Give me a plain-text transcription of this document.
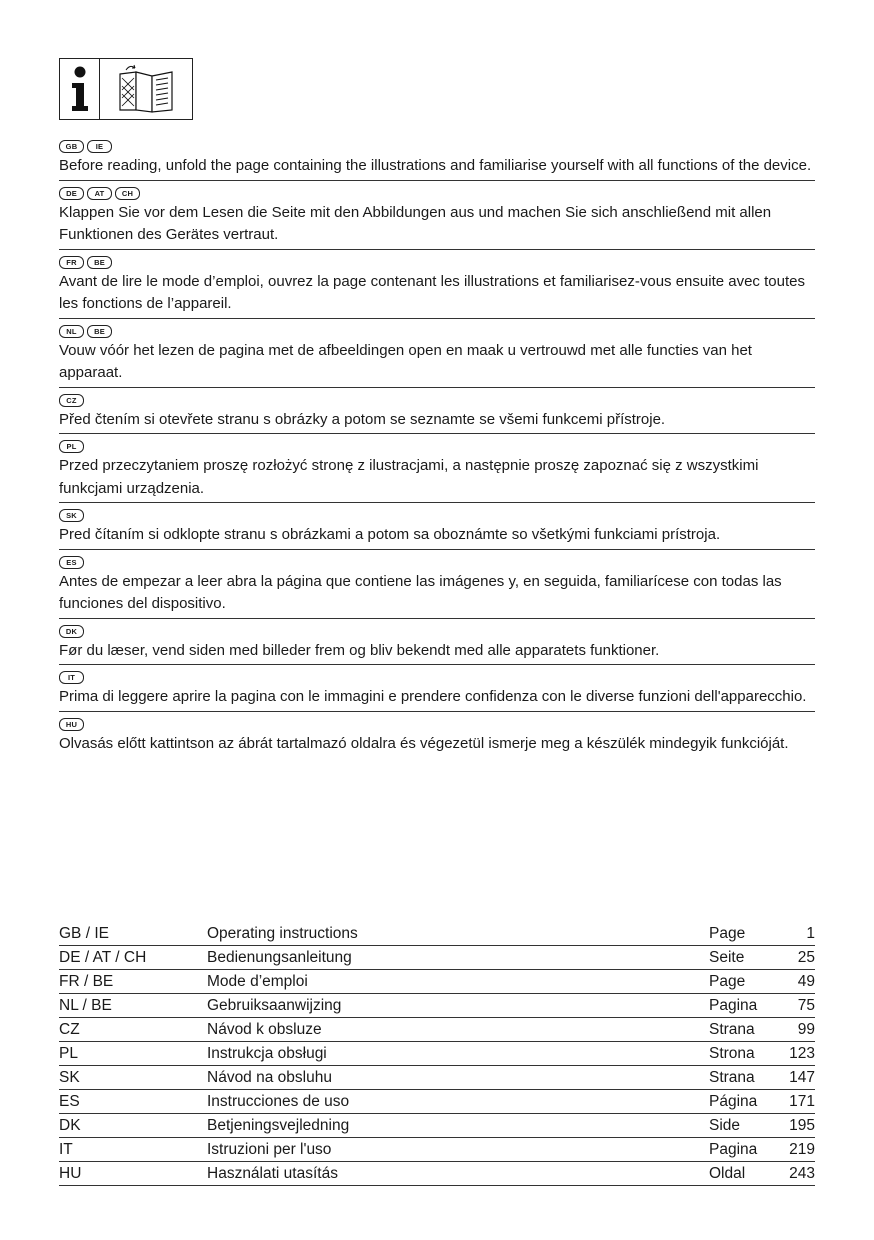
GB	IE
Before reading, unfold the page containing the illustrations and familiarise yourself with all functions of the device.
DE	AT	CH
Klappen Sie vor dem Lesen die Seite mit den Abbildungen aus und machen Sie sich anschließend mit allen Funktionen des Gerätes vertraut.
FR	BE
Avant de lire le mode d’emploi, ouvrez la page contenant les illustrations et familiarisez-vous ensuite avec toutes les fonctions de l’appareil.
NL	BE
Vouw vóór het lezen de pagina met de afbeeldingen open en maak u vertrouwd met alle functies van het apparaat.
CZ
Před čtením si otevřete stranu s obrázky a potom se seznamte se všemi funkcemi přístroje.
PL
Przed przeczytaniem proszę rozłożyć stronę z ilustracjami, a następnie proszę zapoznać się z wszystkimi funkcjami urządzenia.
SK
Pred čítaním si odklopte stranu s obrázkami a potom sa oboznámte so všetkými funkciami prístroja.
ES
Antes de empezar a leer abra la página que contiene las imágenes y, en seguida, familiarícese con todas las funciones del dispositivo.
DK
Før du læser, vend siden med billeder frem og bliv bekendt med alle apparatets funktioner.
IT
Prima di leggere aprire la pagina con le immagini e prendere confidenza con le diverse funzioni dell'apparecchio.
HU
Olvasás előtt kattintson az ábrát tartalmazó oldalra és végezetül ismerje meg a készülék mindegyik funkcióját.
GB / IE	Operating instructions	Page	1
DE / AT / CH	Bedienungsanleitung	Seite	25
FR / BE	Mode d’emploi	Page	49
NL / BE	Gebruiksaanwijzing	Pagina	75
CZ	Návod k obsluze	Strana	99
PL	Instrukcja obsługi	Strona	123
SK	Návod na obsluhu	Strana	147
ES	Instrucciones de uso	Página	171
DK	Betjeningsvejledning	Side	195
IT	Istruzioni per l'uso	Pagina	219
HU	Használati utasítás	Oldal	243
